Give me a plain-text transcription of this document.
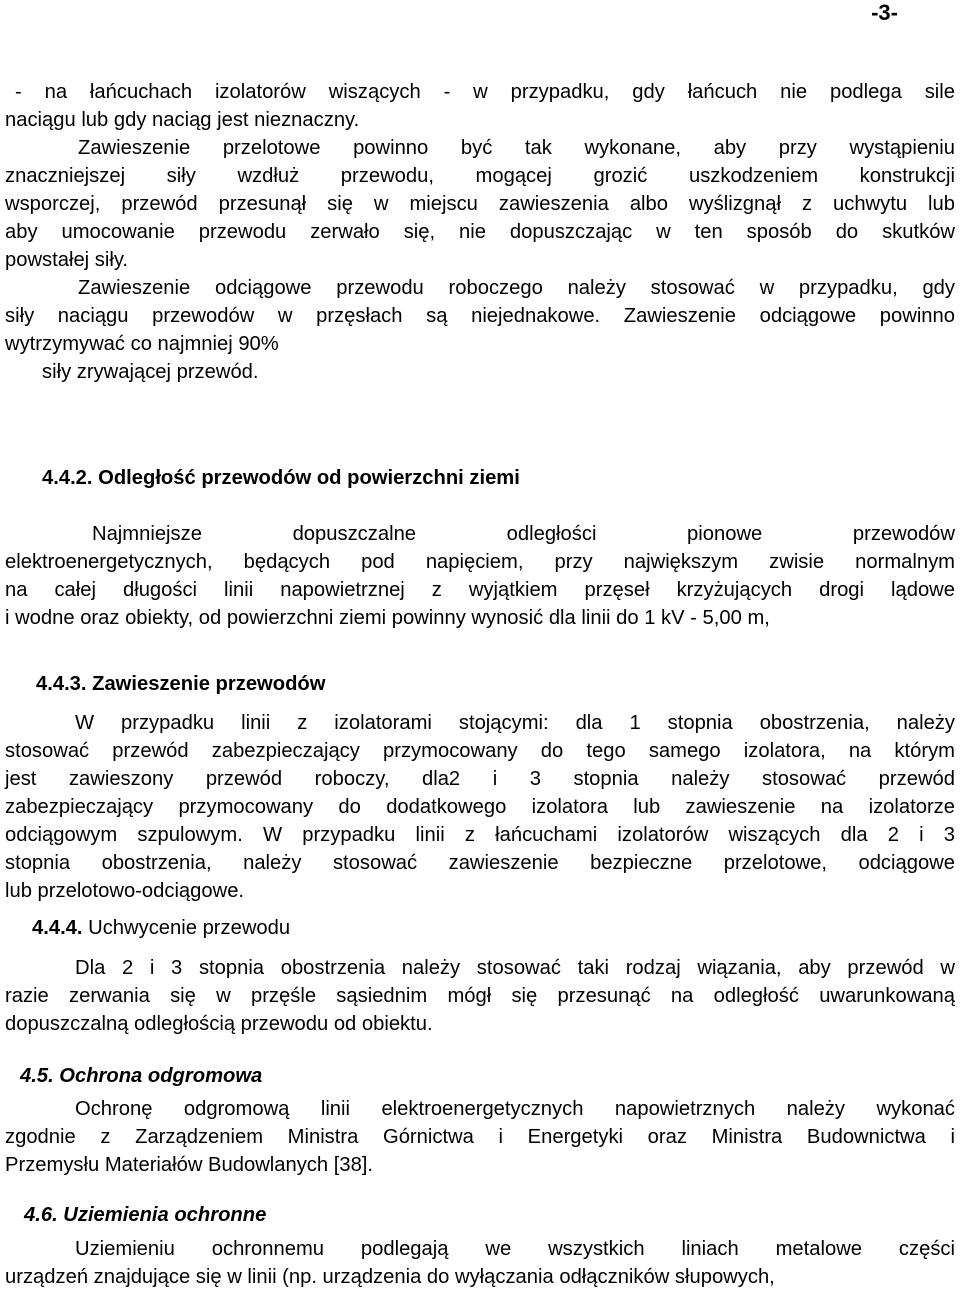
-3-
- na łańcuchach izolatorów wiszących - w przypadku, gdy łańcuch nie podlega sile
naciągu lub gdy naciąg jest nieznaczny.
Zawieszenie przelotowe powinno być tak wykonane, aby przy wystąpieniu
znaczniejszej siły wzdłuż przewodu, mogącej grozić uszkodzeniem konstrukcji
wsporczej, przewód przesunął się w miejscu zawieszenia albo wyślizgnął z uchwytu lub
aby umocowanie przewodu zerwało się, nie dopuszczając w ten sposób do skutków
powstałej siły.
Zawieszenie odciągowe przewodu roboczego należy stosować w przypadku, gdy
siły naciągu przewodów w przęsłach są niejednakowe. Zawieszenie odciągowe powinno
wytrzymywać co najmniej 90%
siły zrywającej przewód.
4.4.2. Odległość przewodów od powierzchni ziemi
Najmniejsze dopuszczalne odległości pionowe przewodów
elektroenergetycznych, będących pod napięciem, przy największym zwisie normalnym
na całej długości linii napowietrznej z wyjątkiem przęseł krzyżujących drogi lądowe
i wodne oraz obiekty, od powierzchni ziemi powinny wynosić dla linii do 1 kV - 5,00 m,
4.4.3. Zawieszenie przewodów
W przypadku linii z izolatorami stojącymi: dla 1 stopnia obostrzenia, należy
stosować przewód zabezpieczający przymocowany do tego samego izolatora, na którym
jest zawieszony przewód roboczy, dla2 i 3 stopnia należy stosować przewód
zabezpieczający przymocowany do dodatkowego izolatora lub zawieszenie na izolatorze
odciągowym szpulowym. W przypadku linii z łańcuchami izolatorów wiszących dla 2 i 3
stopnia obostrzenia, należy stosować zawieszenie bezpieczne przelotowe, odciągowe
lub przelotowo-odciągowe.
4.4.4. Uchwycenie przewodu
Dla 2 i 3 stopnia obostrzenia należy stosować taki rodzaj wiązania, aby przewód w
razie zerwania się w przęśle sąsiednim mógł się przesunąć na odległość uwarunkowaną
dopuszczalną odległością przewodu od obiektu.
4.5. Ochrona odgromowa
Ochronę odgromową linii elektroenergetycznych napowietrznych należy wykonać
zgodnie z Zarządzeniem Ministra Górnictwa i Energetyki oraz Ministra Budownictwa i
Przemysłu Materiałów Budowlanych [38].
4.6. Uziemienia ochronne
Uziemieniu ochronnemu podlegają we wszystkich liniach metalowe części
urządzeń znajdujące się w linii (np. urządzenia do wyłączania odłączników słupowych,
